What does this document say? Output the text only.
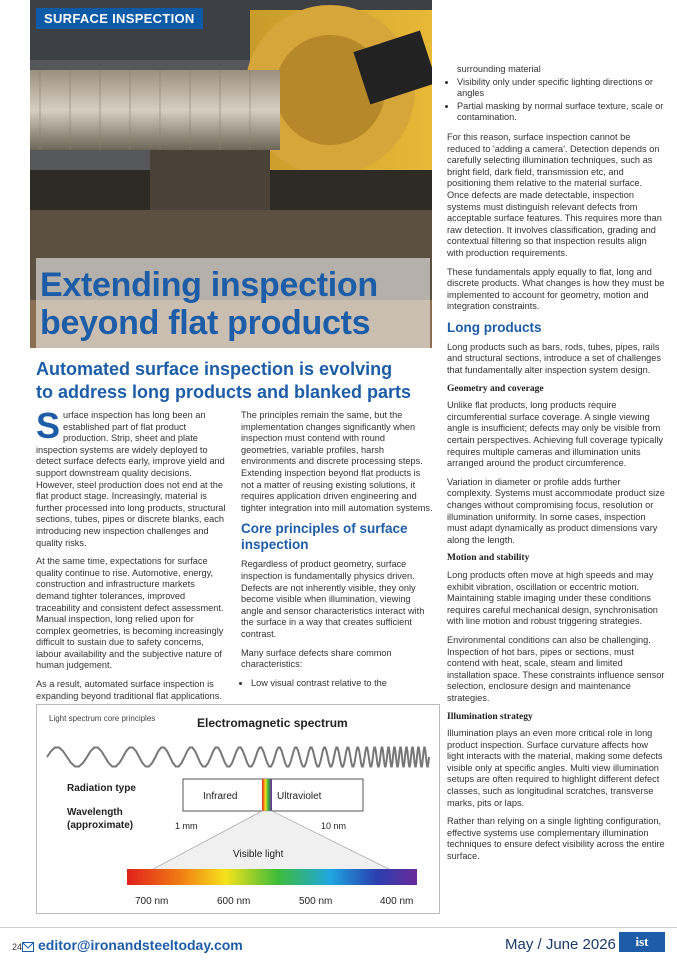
SURFACE INSPECTION
Extending inspection
beyond flat products
Automated surface inspection is evolving
to address long products and blanked parts

Surface inspection has long been an established part of flat product production. Strip, sheet and plate inspection systems are widely deployed to detect surface defects early, improve yield and support downstream quality decisions. However, steel production does not end at the flat product stage. Increasingly, material is further processed into long products, structural sections, tubes, pipes or discrete blanks, each introducing new inspection challenges and quality risks.

At the same time, expectations for surface quality continue to rise. Automotive, energy, construction and infrastructure markets demand tighter tolerances, improved traceability and consistent defect assessment. Manual inspection, long relied upon for complex geometries, is becoming increasingly difficult to sustain due to safety concerns, labour availability and the subjective nature of human judgement.

As a result, automated surface inspection is expanding beyond traditional flat applications.

The principles remain the same, but the implementation changes significantly when inspection must contend with round geometries, variable profiles, harsh environments and discrete processing steps. Extending inspection beyond flat products is not a matter of reusing existing solutions, it requires application driven engineering and tighter integration into mill automation systems.

Core principles of surface inspection

Regardless of product geometry, surface inspection is fundamentally physics driven. Defects are not inherently visible, they only become visible when illumination, viewing angle and sensor characteristics interact with the surface in a way that creates sufficient contrast.

Many surface defects share common characteristics:

• Low visual contrast relative to the
surrounding material
• Visibility only under specific lighting directions or angles
• Partial masking by normal surface texture, scale or contamination.

For this reason, surface inspection cannot be reduced to 'adding a camera'. Detection depends on carefully selecting illumination techniques, such as bright field, dark field, transmission etc, and positioning them relative to the material surface. Once defects are made detectable, inspection systems must distinguish relevant defects from acceptable surface features. This requires more than raw detection. It involves classification, grading and contextual filtering so that inspection results align with production requirements.

These fundamentals apply equally to flat, long and discrete products. What changes is how they must be implemented to account for geometry, motion and integration constraints.

Long products

Long products such as bars, rods, tubes, pipes, rails and structural sections, introduce a set of challenges that fundamentally alter inspection system design.

Geometry and coverage

Unlike flat products, long products require circumferential surface coverage. A single viewing angle is insufficient; defects may only be visible from certain perspectives. Achieving full coverage typically requires multiple cameras and illumination units arranged around the product circumference.

Variation in diameter or profile adds further complexity. Systems must accommodate product size changes without compromising focus, resolution or illumination uniformity. In some cases, inspection must adapt dynamically as product dimensions vary along the length.

Motion and stability

Long products often move at high speeds and may exhibit vibration, oscillation or eccentric motion. Maintaining stable imaging under these conditions requires careful mechanical design, synchronisation with line motion and robust triggering strategies.

Environmental conditions can also be challenging. Inspection of hot bars, pipes or sections, must contend with heat, scale, steam and limited installation space. These constraints influence sensor selection, enclosure design and maintenance strategies.

Illumination strategy

Illumination plays an even more critical role in long product inspection. Surface curvature affects how light interacts with the material, making some defects visible only at specific angles. Multi view illumination setups are often required to highlight different defect classes, such as longitudinal scratches, transverse marks, pits or laps.

Rather than relying on a single lighting configuration, effective systems use complementary illumination techniques to ensure defect visibility across the entire surface.

Light spectrum core principles	Electromagnetic spectrum
Radiation type
Wavelength
(approximate)
Infrared	Ultraviolet
1 mm	10 nm
Visible light
700 nm	600 nm	500 nm	400 nm
24 editor@ironandsteeltoday.com	May / June 2026	ist
